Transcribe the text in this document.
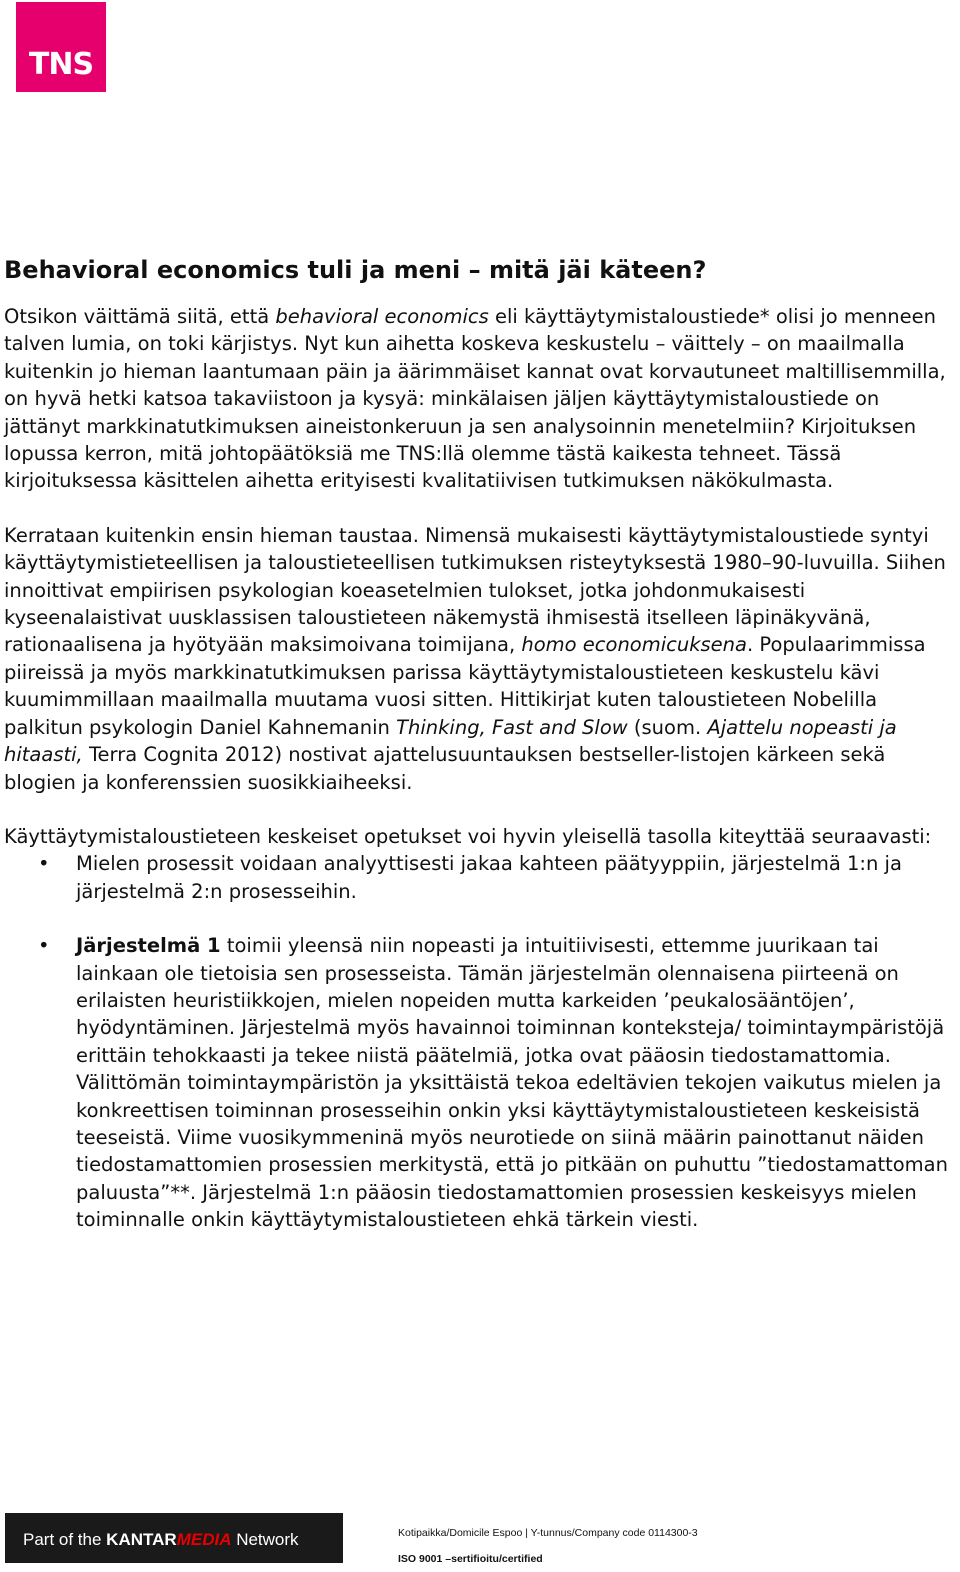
TNS
Behavioral economics tuli ja meni – mitä jäi käteen?

Otsikon väittämä siitä, että behavioral economics eli käyttäytymistaloustiede* olisi jo menneen talven lumia, on toki kärjistys. Nyt kun aihetta koskeva keskustelu – väittely – on maailmalla kuitenkin jo hieman laantumaan päin ja äärimmäiset kannat ovat korvautuneet maltillisemmilla, on hyvä hetki katsoa takaviistoon ja kysyä: minkälaisen jäljen käyttäytymistaloustiede on jättänyt markkinatutkimuksen aineistonkeruun ja sen analysoinnin menetelmiin? Kirjoituksen lopussa kerron, mitä johtopäätöksiä me TNS:llä olemme tästä kaikesta tehneet. Tässä kirjoituksessa käsittelen aihetta erityisesti kvalitatiivisen tutkimuksen näkökulmasta.

Kerrataan kuitenkin ensin hieman taustaa. Nimensä mukaisesti käyttäytymistaloustiede syntyi käyttäytymistieteellisen ja taloustieteellisen tutkimuksen risteytyksestä 1980–90-luvuilla. Siihen innoittivat empiirisen psykologian koeasetelmien tulokset, jotka johdonmukaisesti kyseenalaistivat uusklassisen taloustieteen näkemystä ihmisestä itselleen läpinäkyvänä, rationaalisena ja hyötyään maksimoivana toimijana, homo economicuksena. Populaarimmissa piireissä ja myös markkinatutkimuksen parissa käyttäytymistaloustieteen keskustelu kävi kuumimmillaan maailmalla muutama vuosi sitten. Hittikirjat kuten taloustieteen Nobelilla palkitun psykologin Daniel Kahnemanin Thinking, Fast and Slow (suom. Ajattelu nopeasti ja hitaasti, Terra Cognita 2012) nostivat ajattelusuuntauksen bestseller-listojen kärkeen sekä blogien ja konferenssien suosikkiaiheeksi.

Käyttäytymistaloustieteen keskeiset opetukset voi hyvin yleisellä tasolla kiteyttää seuraavasti:

• Mielen prosessit voidaan analyyttisesti jakaa kahteen päätyyppiin, järjestelmä 1:n ja järjestelmä 2:n prosesseihin.
• Järjestelmä 1 toimii yleensä niin nopeasti ja intuitiivisesti, ettemme juurikaan tai lainkaan ole tietoisia sen prosesseista. Tämän järjestelmän olennaisena piirteenä on erilaisten heuristiikkojen, mielen nopeiden mutta karkeiden ’peukalosääntöjen’, hyödyntäminen. Järjestelmä myös havainnoi toiminnan konteksteja/ toimintaympäristöjä erittäin tehokkaasti ja tekee niistä päätelmiä, jotka ovat pääosin tiedostamattomia. Välittömän toimintaympäristön ja yksittäistä tekoa edeltävien tekojen vaikutus mielen ja konkreettisen toiminnan prosesseihin onkin yksi käyttäytymistaloustieteen keskeisistä teeseistä. Viime vuosikymmeninä myös neurotiede on siinä määrin painottanut näiden tiedostamattomien prosessien merkitystä, että jo pitkään on puhuttu ”tiedostamattoman paluusta”**. Järjestelmä 1:n pääosin tiedostamattomien prosessien keskeisyys mielen toiminnalle onkin käyttäytymistaloustieteen ehkä tärkein viesti.
Part of the KANTARMEDIA Network	Kotipaikka/Domicile Espoo | Y-tunnus/Company code 0114300-3
ISO 9001 –sertifioitu/certified
